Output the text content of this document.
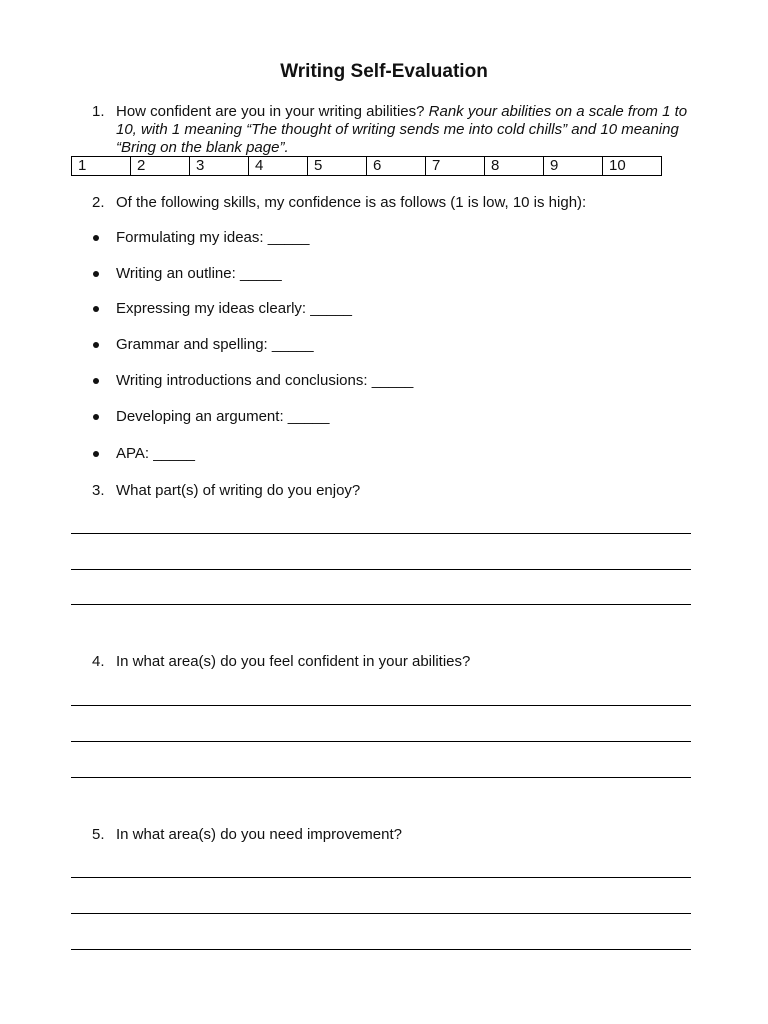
Writing Self-Evaluation
1. How confident are you in your writing abilities? Rank your abilities on a scale from 1 to 10, with 1 meaning “The thought of writing sends me into cold chills” and 10 meaning “Bring on the blank page”.
1	2	3	4	5	6	7	8	9	10
2. Of the following skills, my confidence is as follows (1 is low, 10 is high):
Formulating my ideas: _____
Writing an outline: _____
Expressing my ideas clearly: _____
Grammar and spelling: _____
Writing introductions and conclusions: _____
Developing an argument: _____
APA: _____
3. What part(s) of writing do you enjoy?
4. In what area(s) do you feel confident in your abilities?
5. In what area(s) do you need improvement?
